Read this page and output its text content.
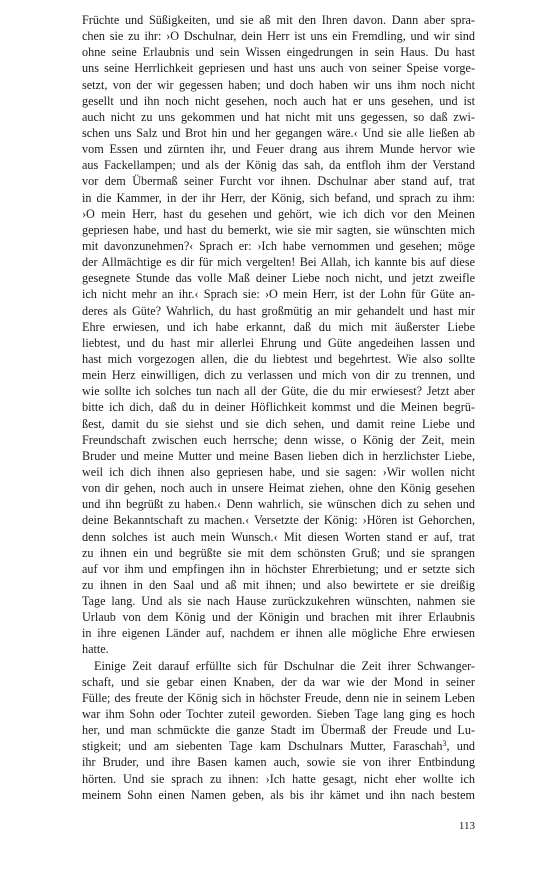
Früchte und Süßigkeiten, und sie aß mit den Ihren davon. Dann aber spra-
chen sie zu ihr: ›O Dschulnar, dein Herr ist uns ein Fremdling, und wir sind
ohne seine Erlaubnis und sein Wissen eingedrungen in sein Haus. Du hast
uns seine Herrlichkeit gepriesen und hast uns auch von seiner Speise vorge-
setzt, von der wir gegessen haben; und doch haben wir uns ihm noch nicht
gesellt und ihn noch nicht gesehen, noch auch hat er uns gesehen, und ist
auch nicht zu uns gekommen und hat nicht mit uns gegessen, so daß zwi-
schen uns Salz und Brot hin und her gegangen wäre.‹ Und sie alle ließen ab
vom Essen und zürnten ihr, und Feuer drang aus ihrem Munde hervor wie
aus Fackellampen; und als der König das sah, da entfloh ihm der Verstand
vor dem Übermaß seiner Furcht vor ihnen. Dschulnar aber stand auf, trat
in die Kammer, in der ihr Herr, der König, sich befand, und sprach zu ihm:
›O mein Herr, hast du gesehen und gehört, wie ich dich vor den Meinen
gepriesen habe, und hast du bemerkt, wie sie mir sagten, sie wünschten mich
mit davonzunehmen?‹ Sprach er: ›Ich habe vernommen und gesehen; möge
der Allmächtige es dir für mich vergelten! Bei Allah, ich kannte bis auf diese
gesegnete Stunde das volle Maß deiner Liebe noch nicht, und jetzt zweifle
ich nicht mehr an ihr.‹ Sprach sie: ›O mein Herr, ist der Lohn für Güte an-
deres als Güte? Wahrlich, du hast großmütig an mir gehandelt und hast mir
Ehre erwiesen, und ich habe erkannt, daß du mich mit äußerster Liebe
liebtest, und du hast mir allerlei Ehrung und Güte angedeihen lassen und
hast mich vorgezogen allen, die du liebtest und begehrtest. Wie also sollte
mein Herz einwilligen, dich zu verlassen und mich von dir zu trennen, und
wie sollte ich solches tun nach all der Güte, die du mir erwiesest? Jetzt aber
bitte ich dich, daß du in deiner Höflichkeit kommst und die Meinen begrü-
ßest, damit du sie siehst und sie dich sehen, und damit reine Liebe und
Freundschaft zwischen euch herrsche; denn wisse, o König der Zeit, mein
Bruder und meine Mutter und meine Basen lieben dich in herzlichster Liebe,
weil ich dich ihnen also gepriesen habe, und sie sagen: ›Wir wollen nicht
von dir gehen, noch auch in unsere Heimat ziehen, ohne den König gesehen
und ihn begrüßt zu haben.‹ Denn wahrlich, sie wünschen dich zu sehen und
deine Bekanntschaft zu machen.‹ Versetzte der König: ›Hören ist Gehorchen,
denn solches ist auch mein Wunsch.‹ Mit diesen Worten stand er auf, trat
zu ihnen ein und begrüßte sie mit dem schönsten Gruß; und sie sprangen
auf vor ihm und empfingen ihn in höchster Ehrerbietung; und er setzte sich
zu ihnen in den Saal und aß mit ihnen; und also bewirtete er sie dreißig
Tage lang. Und als sie nach Hause zurückzukehren wünschten, nahmen sie
Urlaub von dem König und der Königin und brachen mit ihrer Erlaubnis
in ihre eigenen Länder auf, nachdem er ihnen alle mögliche Ehre erwiesen
hatte.
Einige Zeit darauf erfüllte sich für Dschulnar die Zeit ihrer Schwanger-
schaft, und sie gebar einen Knaben, der da war wie der Mond in seiner
Fülle; des freute der König sich in höchster Freude, denn nie in seinem Leben
war ihm Sohn oder Tochter zuteil geworden. Sieben Tage lang ging es hoch
her, und man schmückte die ganze Stadt im Übermaß der Freude und Lu-
stigkeit; und am siebenten Tage kam Dschulnars Mutter, Faraschah$^3$, und
ihr Bruder, und ihre Basen kamen auch, sowie sie von ihrer Entbindung
hörten. Und sie sprach zu ihnen: ›Ich hatte gesagt, nicht eher wollte ich
meinem Sohn einen Namen geben, als bis ihr kämet und ihn nach bestem
113
